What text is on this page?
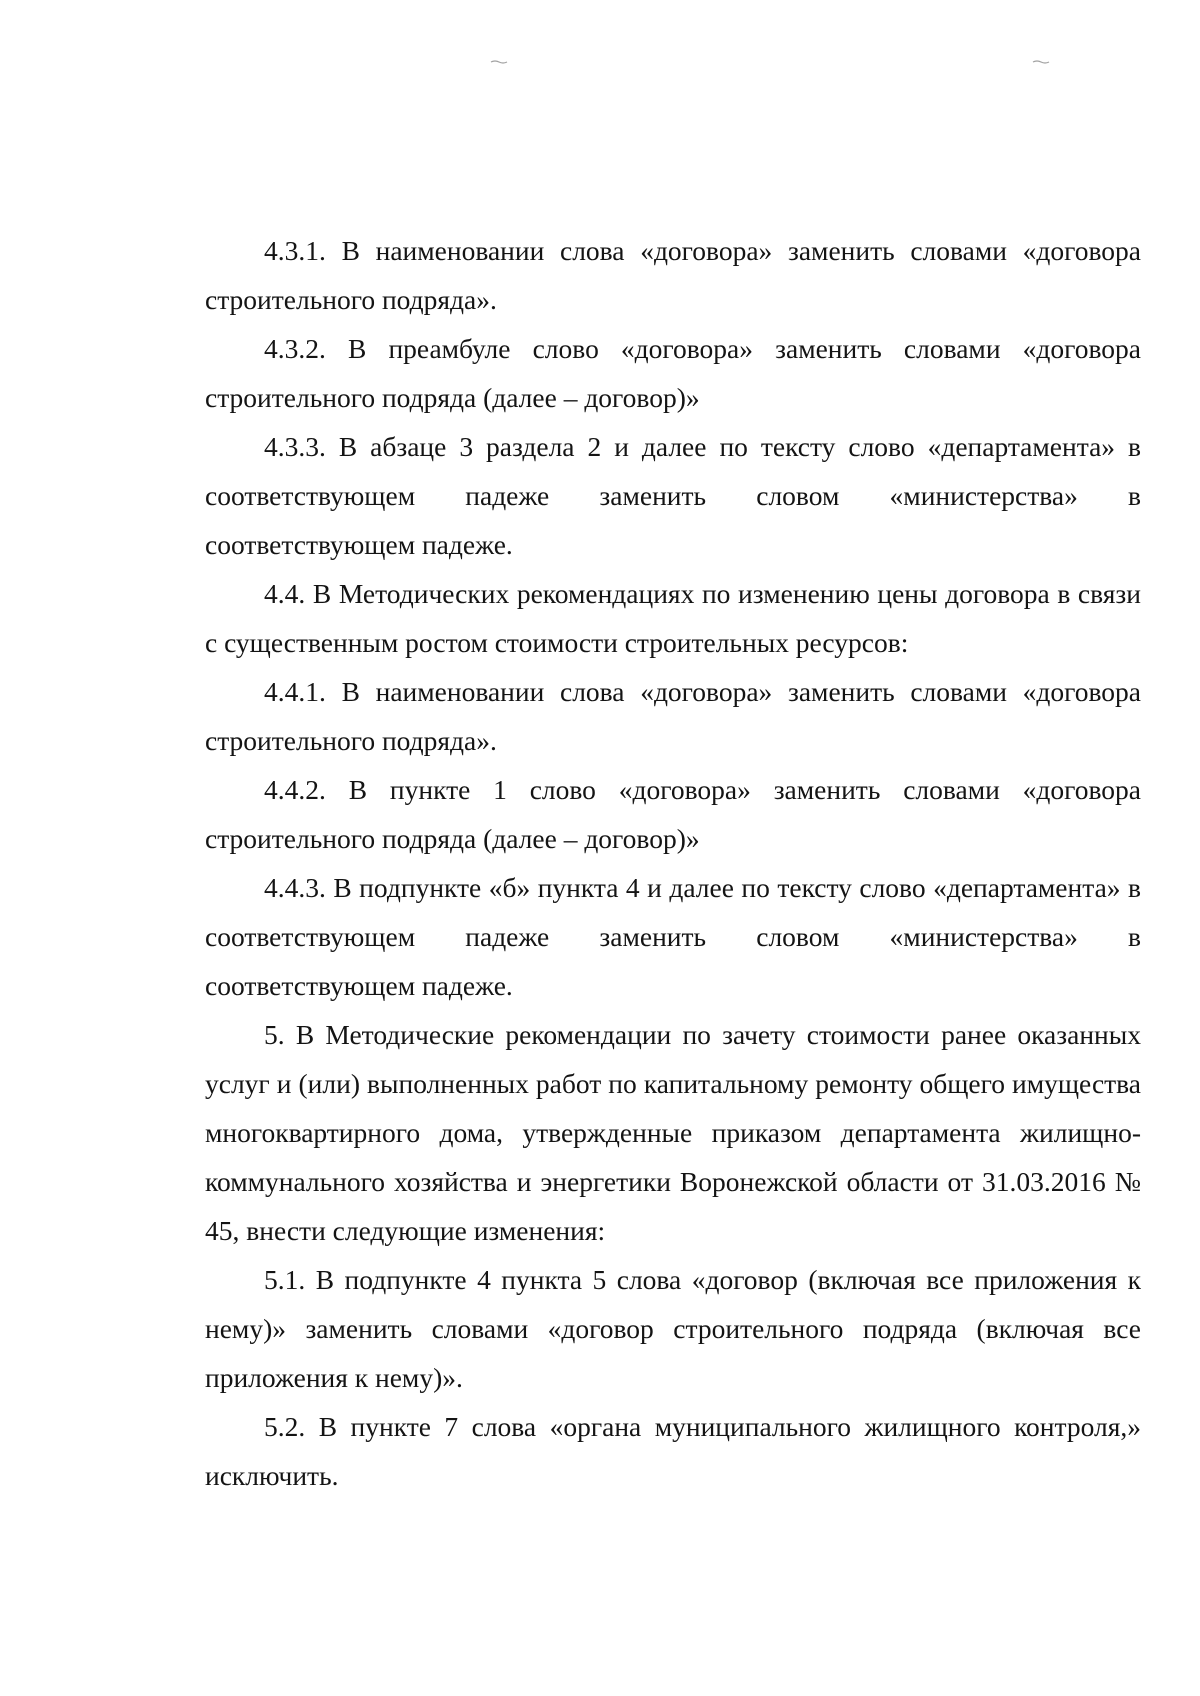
4.3.1. В наименовании слова «договора» заменить словами «договора строительного подряда».

4.3.2. В преамбуле слово «договора» заменить словами «договора строительного подряда (далее – договор)»

4.3.3. В абзаце 3 раздела 2 и далее по тексту слово «департамента» в соответствующем падеже заменить словом «министерства» в соответствующем падеже.

4.4. В Методических рекомендациях по изменению цены договора в связи с существенным ростом стоимости строительных ресурсов:

4.4.1. В наименовании слова «договора» заменить словами «договора строительного подряда».

4.4.2. В пункте 1 слово «договора» заменить словами «договора строительного подряда (далее – договор)»

4.4.3. В подпункте «б» пункта 4 и далее по тексту слово «департамента» в соответствующем падеже заменить словом «министерства» в соответствующем падеже.

5. В Методические рекомендации по зачету стоимости ранее оказанных услуг и (или) выполненных работ по капитальному ремонту общего имущества многоквартирного дома, утвержденные приказом департамента жилищно-коммунального хозяйства и энергетики Воронежской области от 31.03.2016 № 45, внести следующие изменения:

5.1. В подпункте 4 пункта 5 слова «договор (включая все приложения к нему)» заменить словами «договор строительного подряда (включая все приложения к нему)».

5.2. В пункте 7 слова «органа муниципального жилищного контроля,» исключить.
